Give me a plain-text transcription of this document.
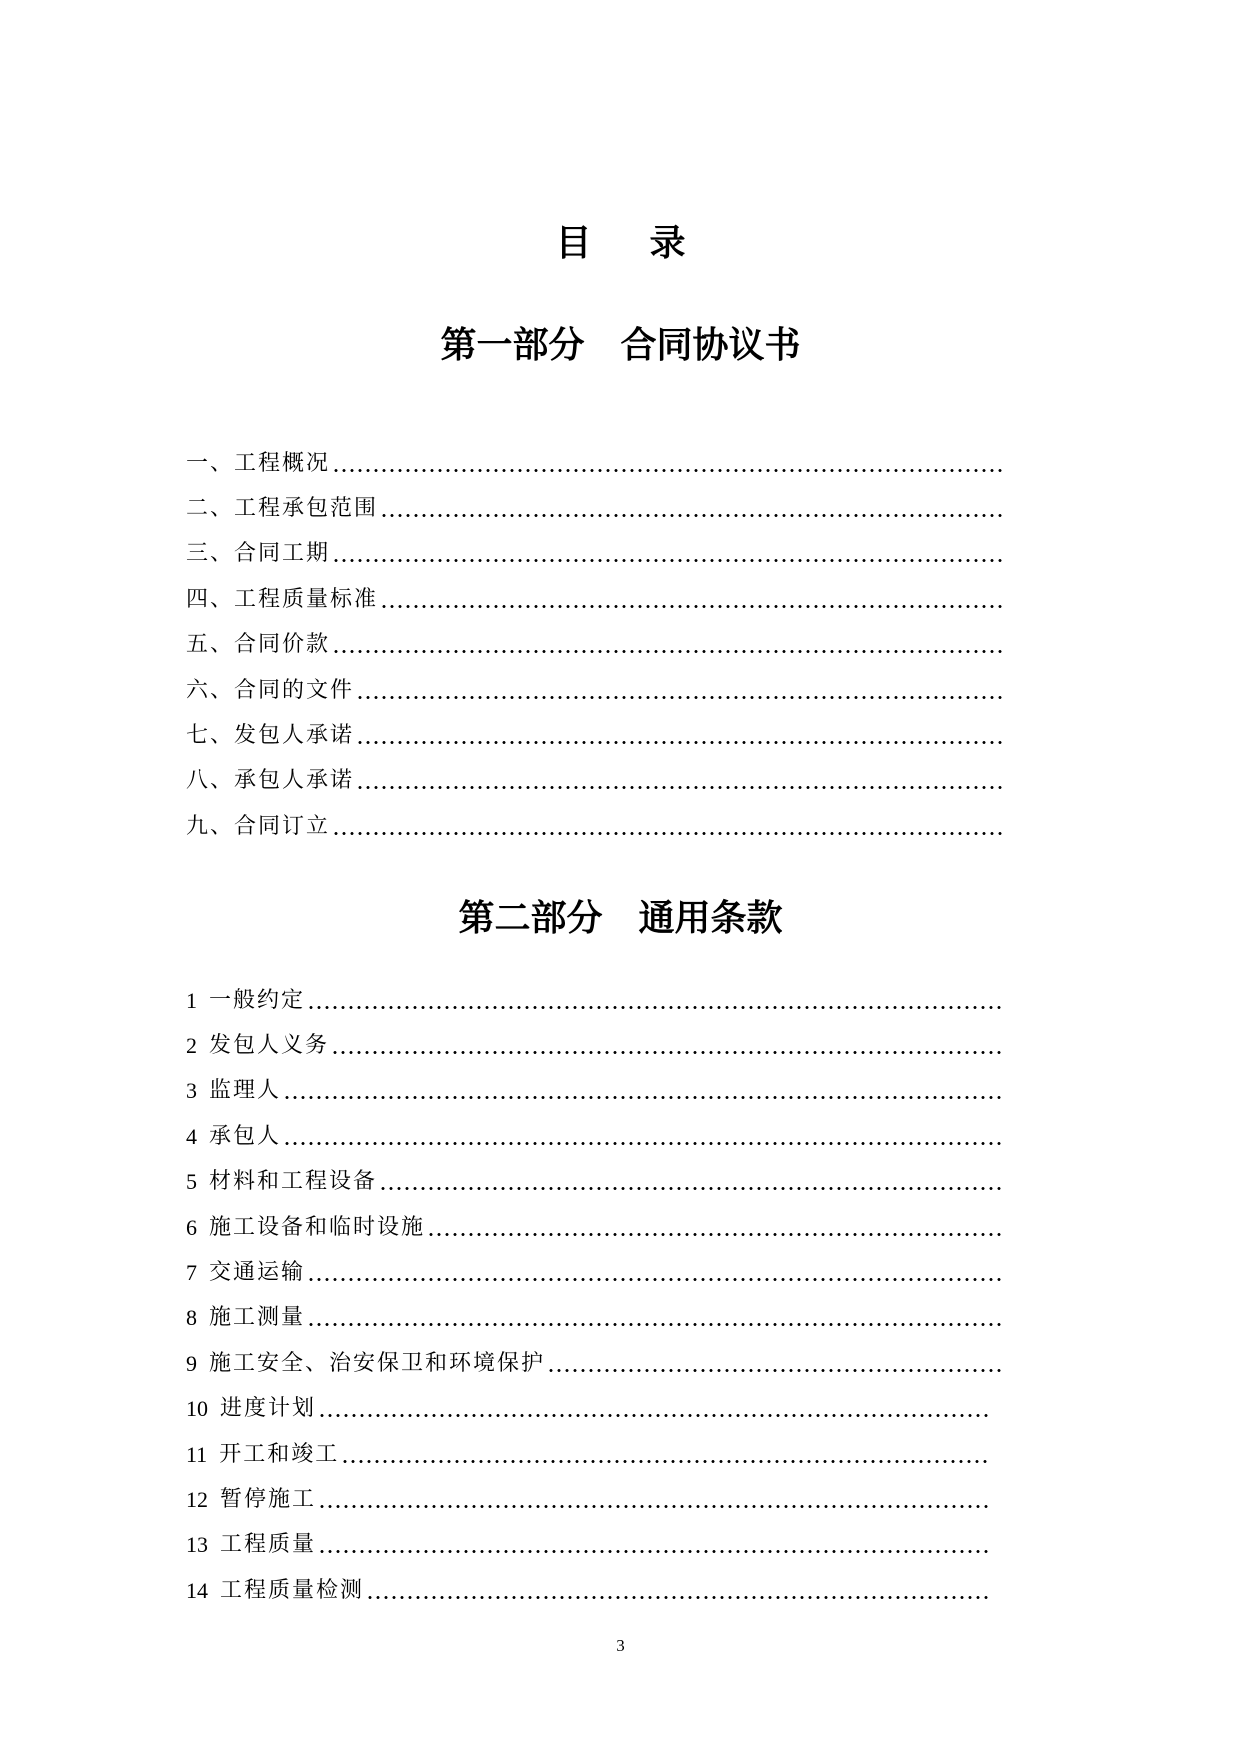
目录
第一部分　合同协议书
一、工程概况
二、工程承包范围
三、合同工期
四、工程质量标准
五、合同价款
六、合同的文件
七、发包人承诺
八、承包人承诺
九、合同订立
第二部分　通用条款
1 一般约定
2 发包人义务
3 监理人
4 承包人
5 材料和工程设备
6 施工设备和临时设施
7 交通运输
8 施工测量
9 施工安全、治安保卫和环境保护
10 进度计划
11 开工和竣工
12 暂停施工
13 工程质量
14 工程质量检测
3
